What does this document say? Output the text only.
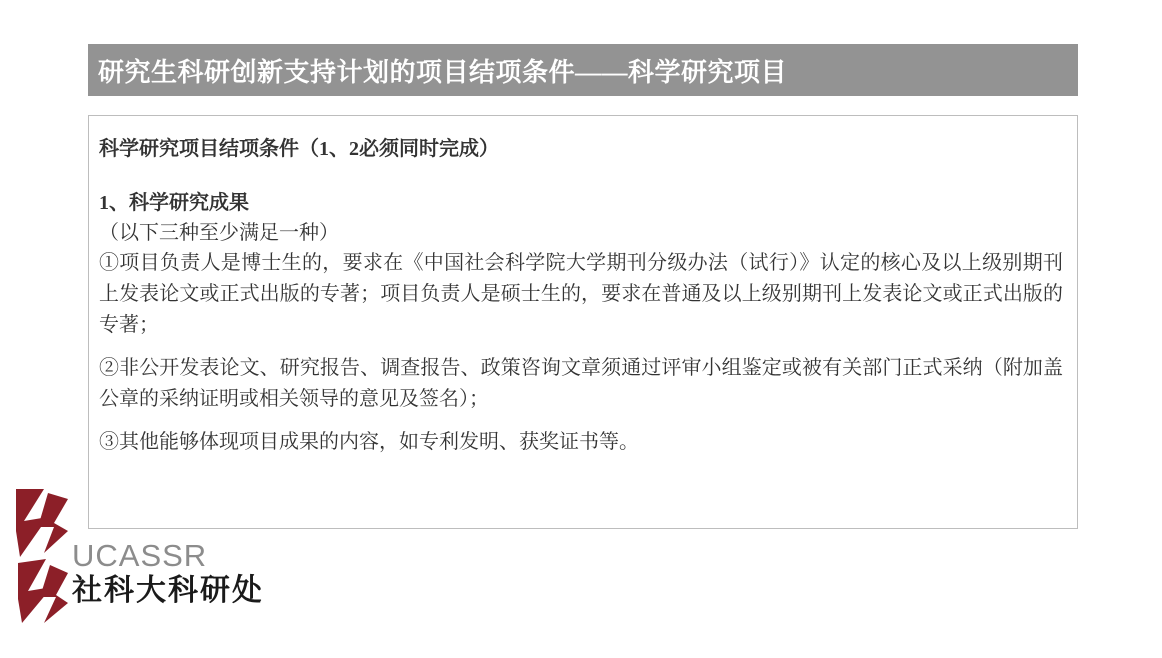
研究生科研创新支持计划的项目结项条件——科学研究项目
科学研究项目结项条件（1、2必须同时完成）
1、科学研究成果
（以下三种至少满足一种）
①项目负责人是博士生的，要求在《中国社会科学院大学期刊分级办法（试行）》认定的核心及以上级别期刊上发表论文或正式出版的专著；项目负责人是硕士生的，要求在普通及以上级别期刊上发表论文或正式出版的专著；
②非公开发表论文、研究报告、调查报告、政策咨询文章须通过评审小组鉴定或被有关部门正式采纳（附加盖公章的采纳证明或相关领导的意见及签名）；
③其他能够体现项目成果的内容，如专利发明、获奖证书等。
UCASSR
社科大科研处
